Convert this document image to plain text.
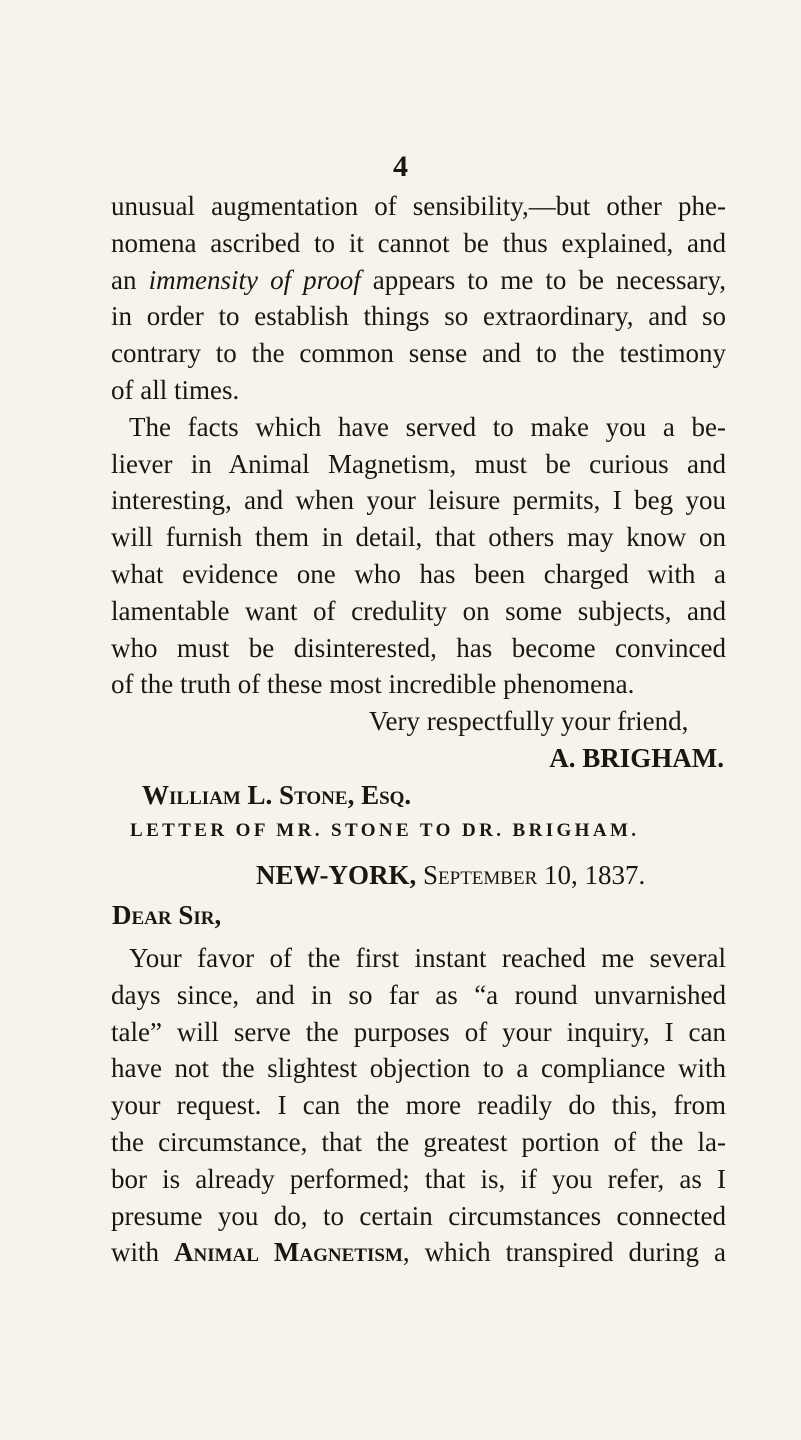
4
unusual augmentation of sensibility,—but other phe-
nomena ascribed to it cannot be thus explained, and
an immensity of proof appears to me to be necessary,
in order to establish things so extraordinary, and so
contrary to the common sense and to the testimony
of all times.
The facts which have served to make you a be-
liever in Animal Magnetism, must be curious and
interesting, and when your leisure permits, I beg you
will furnish them in detail, that others may know on
what evidence one who has been charged with a
lamentable want of credulity on some subjects, and
who must be disinterested, has become convinced
of the truth of these most incredible phenomena.
Very respectfully your friend,
A. BRIGHAM.
William L. Stone, Esq.
LETTER OF MR. STONE TO DR. BRIGHAM.
NEW-YORK, September 10, 1837.
Dear Sir,
Your favor of the first instant reached me several
days since, and in so far as “a round unvarnished
tale” will serve the purposes of your inquiry, I can
have not the slightest objection to a compliance with
your request. I can the more readily do this, from
the circumstance, that the greatest portion of the la-
bor is already performed; that is, if you refer, as I
presume you do, to certain circumstances connected
with Animal Magnetism, which transpired during a
